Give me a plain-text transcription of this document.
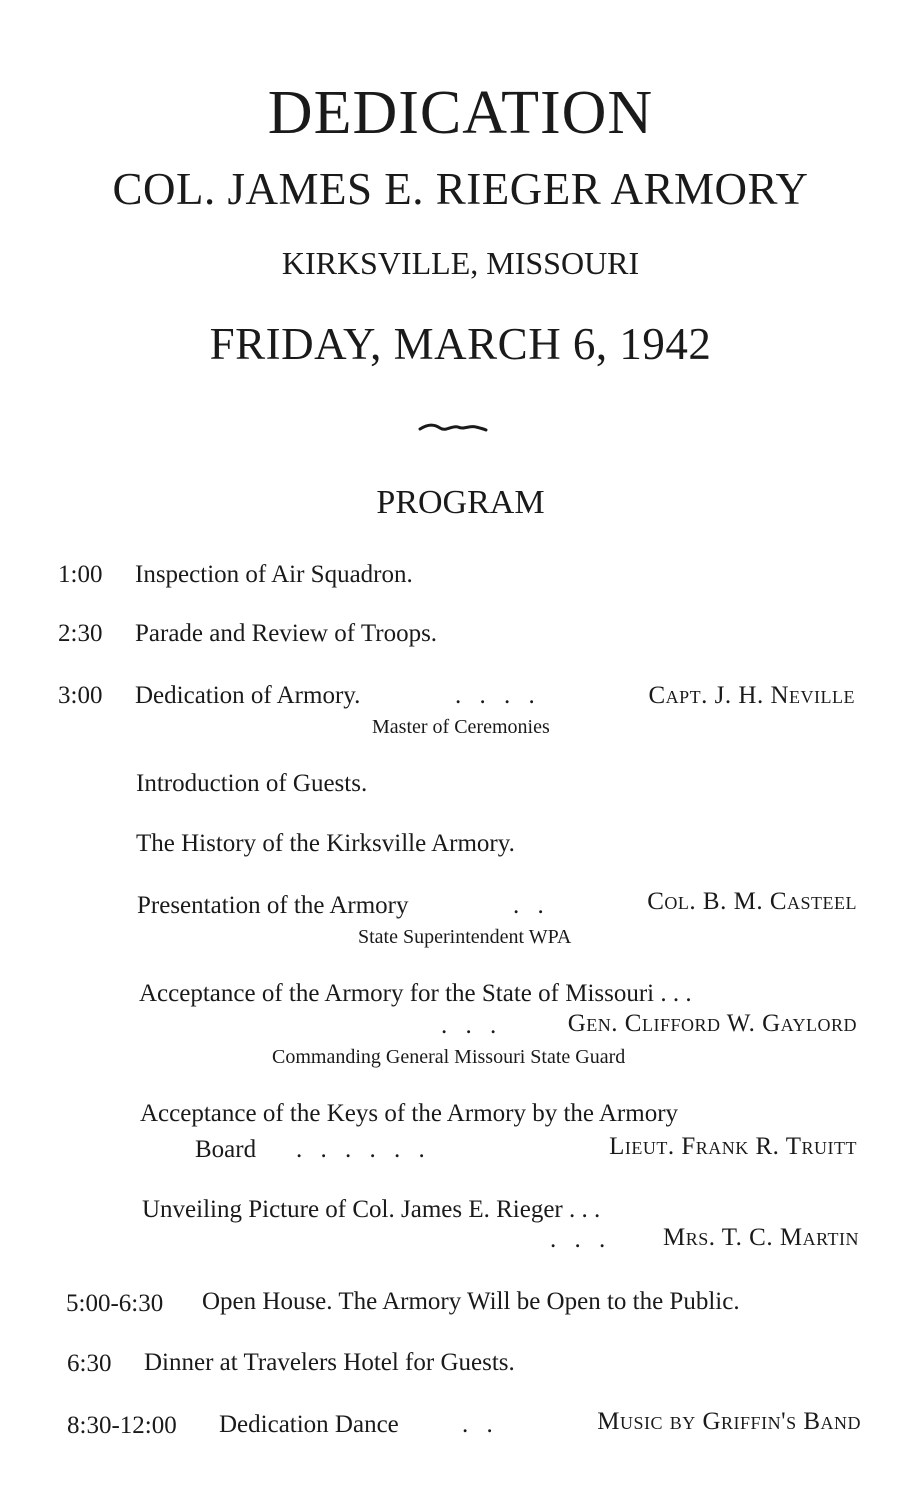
DEDICATION
COL. JAMES E. RIEGER ARMORY
KIRKSVILLE, MISSOURI
FRIDAY, MARCH 6, 1942
PROGRAM
1:00 Inspection of Air Squadron.
2:30 Parade and Review of Troops.
3:00 Dedication of Armory.	. . . .	Capt. J. H. Neville
Master of Ceremonies
Introduction of Guests.
The History of the Kirksville Armory.
Presentation of the Armory	. .	Col. B. M. Casteel
State Superintendent WPA
Acceptance of the Armory for the State of Missouri . . .
. . .	Gen. Clifford W. Gaylord
Commanding General Missouri State Guard
Acceptance of the Keys of the Armory by the Armory
Board . . . . . .	Lieut. Frank R. Truitt
Unveiling Picture of Col. James E. Rieger . . .
. . . Mrs. T. C. Martin
5:00-6:30 Open House. The Armory Will be Open to the Public.
6:30 Dinner at Travelers Hotel for Guests.
8:30-12:00 Dedication Dance	. .	Music by Griffin's Band
